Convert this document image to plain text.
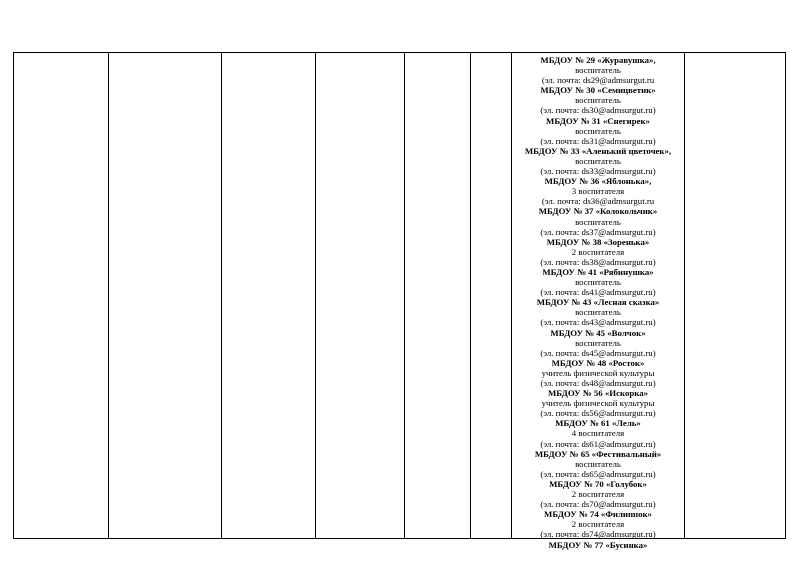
МБДОУ № 29 «Журавушка»,
воспитатель
(эл. почта: ds29@admsurgut.ru
МБДОУ № 30 «Семицветик»
воспитатель
(эл. почта: ds30@admsurgut.ru)
МБДОУ № 31 «Снегирек»
воспитатель
(эл. почта: ds31@admsurgut.ru)
МБДОУ № 33 «Аленький цветочек»,
воспитатель
(эл. почта: ds33@admsurgut.ru)
МБДОУ № 36 «Яблонька»,
3 воспитателя
(эл. почта: ds36@admsurgut.ru
МБДОУ № 37 «Колокольчик»
воспитатель
(эл. почта: ds37@admsurgut.ru)
МБДОУ № 38 «Зоренька»
2 воспитателя
(эл. почта: ds38@admsurgut.ru)
МБДОУ № 41 «Рябинушка»
воспитатель
(эл. почта: ds41@admsurgut.ru)
МБДОУ № 43 «Лесная сказка»
воспитатель
(эл. почта: ds43@admsurgut.ru)
МБДОУ № 45 «Волчок»
воспитатель
(эл. почта: ds45@admsurgut.ru)
МБДОУ № 48 «Росток»
учитель физической культуры
(эл. почта: ds48@admsurgut.ru)
МБДОУ № 56 «Искорка»
учитель физической культуры
(эл. почта: ds56@admsurgut.ru)
МБДОУ № 61 «Лель»
4 воспитателя
(эл. почта: ds61@admsurgut.ru)
МБДОУ № 65 «Фестивальный»
воспитатель
(эл. почта: ds65@admsurgut.ru)
МБДОУ № 70 «Голубок»
2 воспитателя
(эл. почта: ds70@admsurgut.ru)
МБДОУ № 74 «Филиппок»
2 воспитателя
(эл. почта: ds74@admsurgut.ru)
МБДОУ № 77 «Бусинка»
